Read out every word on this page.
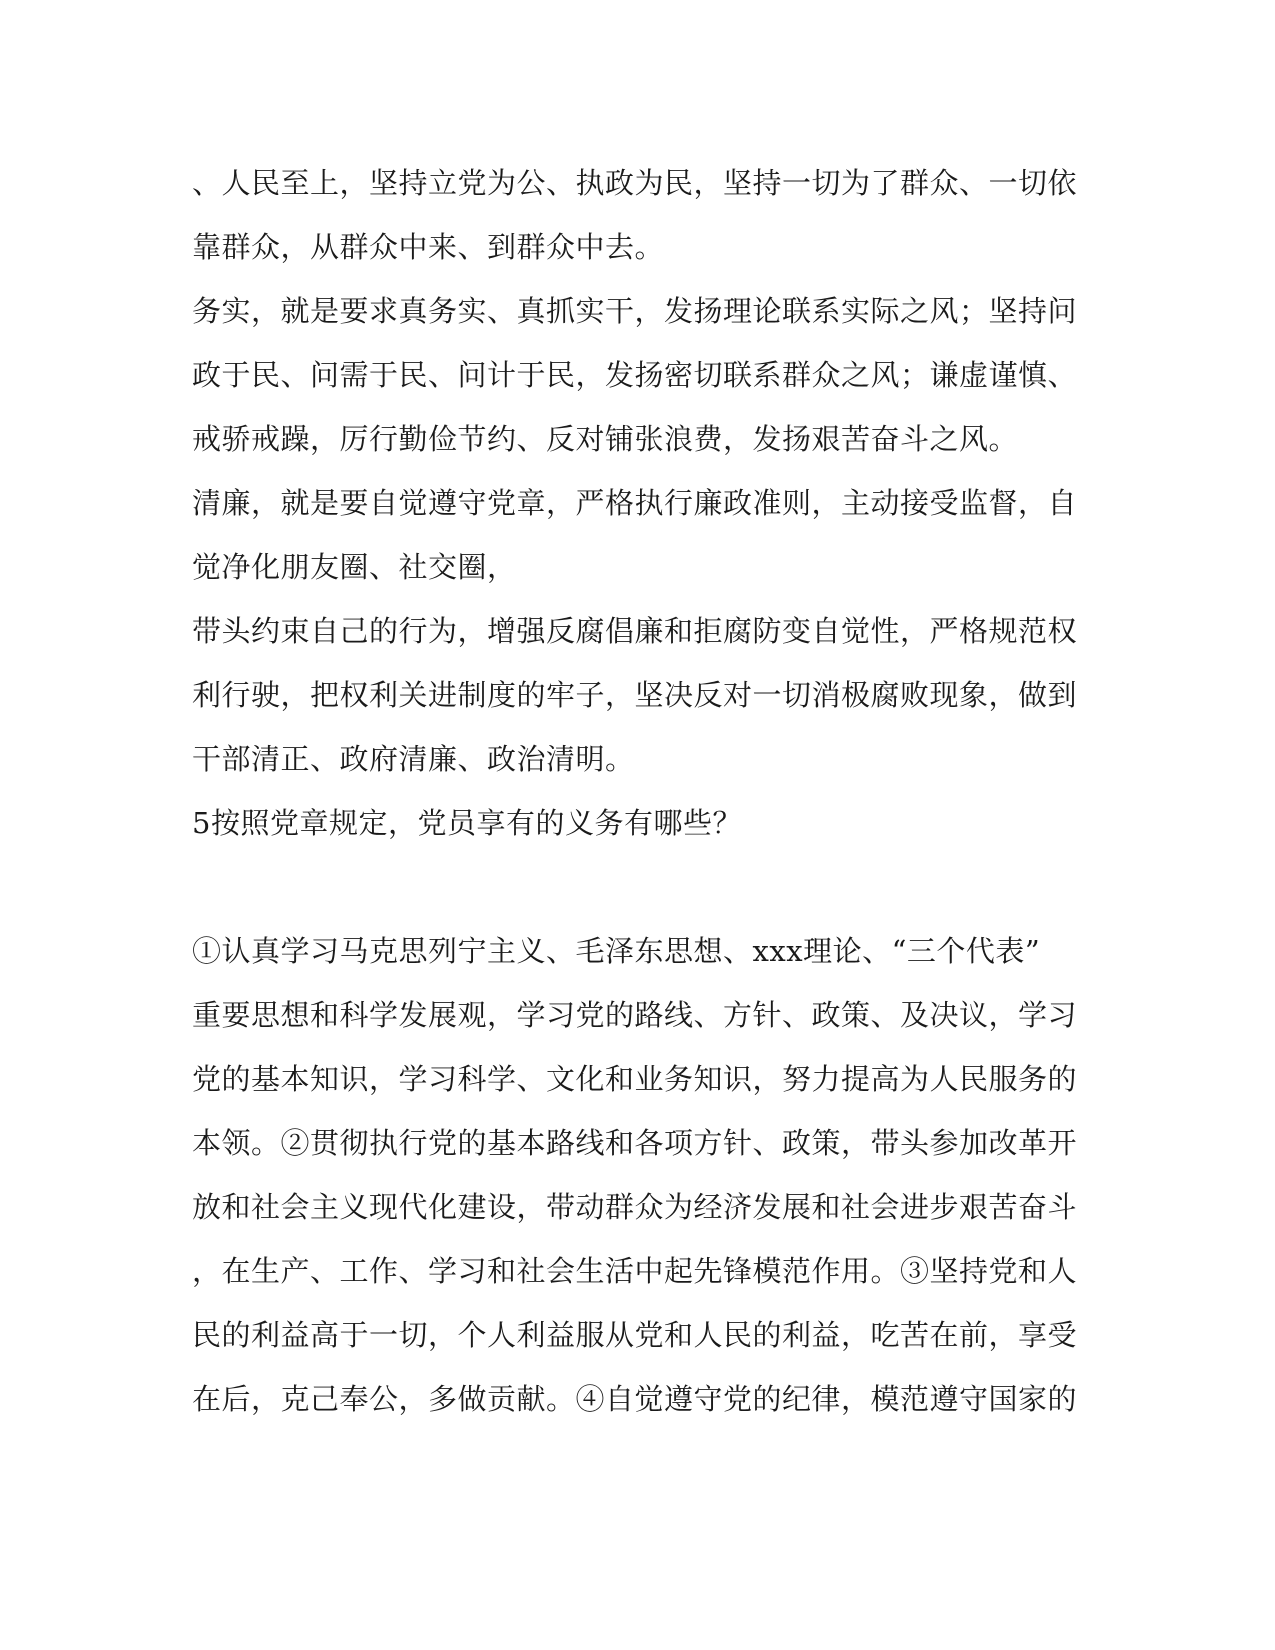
、人民至上，坚持立党为公、执政为民，坚持一切为了群众、一切依
靠群众，从群众中来、到群众中去。
务实，就是要求真务实、真抓实干，发扬理论联系实际之风；坚持问
政于民、问需于民、问计于民，发扬密切联系群众之风；谦虚谨慎、
戒骄戒躁，厉行勤俭节约、反对铺张浪费，发扬艰苦奋斗之风。
清廉，就是要自觉遵守党章，严格执行廉政准则，主动接受监督，自
觉净化朋友圈、社交圈，
带头约束自己的行为，增强反腐倡廉和拒腐防变自觉性，严格规范权
利行驶，把权利关进制度的牢子，坚决反对一切消极腐败现象，做到
干部清正、政府清廉、政治清明。
5按照党章规定，党员享有的义务有哪些？
①认真学习马克思列宁主义、毛泽东思想、xxx理论、“三个代表”
重要思想和科学发展观，学习党的路线、方针、政策、及决议，学习
党的基本知识，学习科学、文化和业务知识，努力提高为人民服务的
本领。②贯彻执行党的基本路线和各项方针、政策，带头参加改革开
放和社会主义现代化建设，带动群众为经济发展和社会进步艰苦奋斗
，在生产、工作、学习和社会生活中起先锋模范作用。③坚持党和人
民的利益高于一切，个人利益服从党和人民的利益，吃苦在前，享受
在后，克己奉公，多做贡献。④自觉遵守党的纪律，模范遵守国家的
